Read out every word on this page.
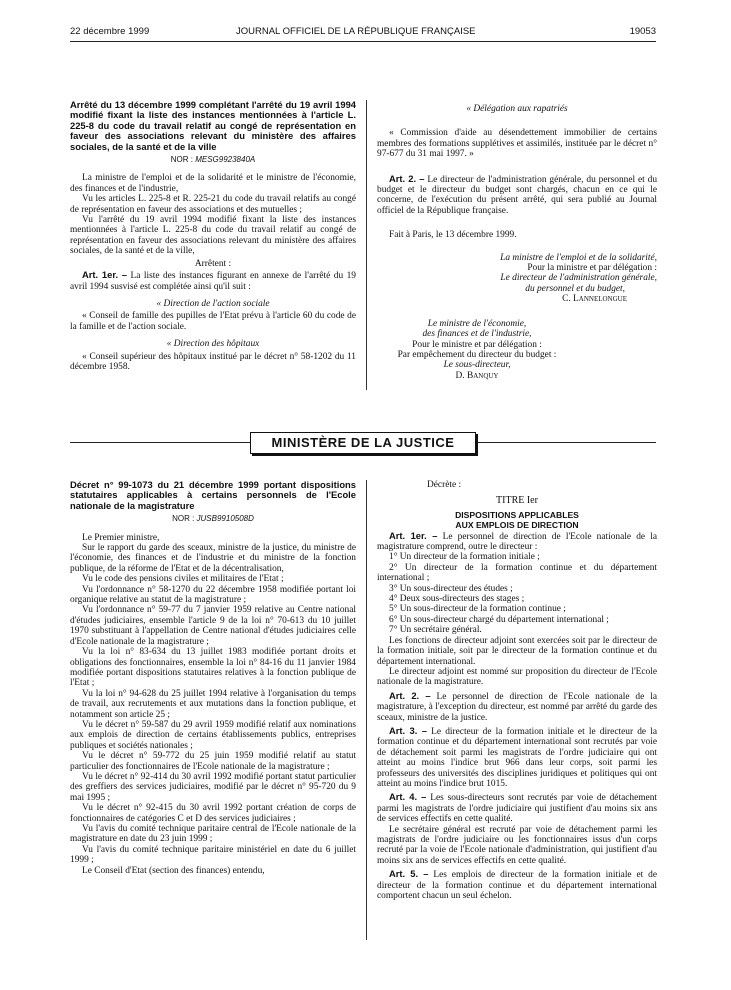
22 décembre 1999	JOURNAL OFFICIEL DE LA RÉPUBLIQUE FRANÇAISE	19053

Arrêté du 13 décembre 1999 complétant l'arrêté du 19 avril 1994 modifié fixant la liste des instances mentionnées à l'article L. 225-8 du code du travail relatif au congé de représentation en faveur des associations relevant du ministère des affaires sociales, de la santé et de la ville

NOR : MESG9923840A

La ministre de l'emploi et de la solidarité et le ministre de l'économie, des finances et de l'industrie,

Vu les articles L. 225-8 et R. 225-21 du code du travail relatifs au congé de représentation en faveur des associations et des mutuelles ;

Vu l'arrêté du 19 avril 1994 modifié fixant la liste des instances mentionnées à l'article L. 225-8 du code du travail relatif au congé de représentation en faveur des associations relevant du ministère des affaires sociales, de la santé et de la ville,

Arrêtent :

Art. 1er. – La liste des instances figurant en annexe de l'arrêté du 19 avril 1994 susvisé est complétée ainsi qu'il suit :

« Direction de l'action sociale

« Conseil de famille des pupilles de l'Etat prévu à l'article 60 du code de la famille et de l'action sociale.

« Direction des hôpitaux

« Conseil supérieur des hôpitaux institué par le décret n° 58-1202 du 11 décembre 1958.

« Délégation aux rapatriés

« Commission d'aide au désendettement immobilier de certains membres des formations supplétives et assimilés, instituée par le décret n° 97-677 du 31 mai 1997. »

Art. 2. – Le directeur de l'administration générale, du personnel et du budget et le directeur du budget sont chargés, chacun en ce qui le concerne, de l'exécution du présent arrêté, qui sera publié au Journal officiel de la République française.

Fait à Paris, le 13 décembre 1999.

La ministre de l'emploi et de la solidarité,

Pour la ministre et par délégation :

Le directeur de l'administration générale,

du personnel et du budget,

C. Lannelongue

Le ministre de l'économie,

des finances et de l'industrie,

Pour le ministre et par délégation :

Par empêchement du directeur du budget :

Le sous-directeur,

D. Banquy

MINISTÈRE DE LA JUSTICE

Décret n° 99-1073 du 21 décembre 1999 portant dispositions statutaires applicables à certains personnels de l'Ecole nationale de la magistrature

NOR : JUSB9910508D

Le Premier ministre,

Sur le rapport du garde des sceaux, ministre de la justice, du ministre de l'économie, des finances et de l'industrie et du ministre de la fonction publique, de la réforme de l'Etat et de la décentralisation,

Vu le code des pensions civiles et militaires de l'Etat ;

Vu l'ordonnance n° 58-1270 du 22 décembre 1958 modifiée portant loi organique relative au statut de la magistrature ;

Vu l'ordonnance n° 59-77 du 7 janvier 1959 relative au Centre national d'études judiciaires, ensemble l'article 9 de la loi n° 70-613 du 10 juillet 1970 substituant à l'appellation de Centre national d'études judiciaires celle d'Ecole nationale de la magistrature ;

Vu la loi n° 83-634 du 13 juillet 1983 modifiée portant droits et obligations des fonctionnaires, ensemble la loi n° 84-16 du 11 janvier 1984 modifiée portant dispositions statutaires relatives à la fonction publique de l'Etat ;

Vu la loi n° 94-628 du 25 juillet 1994 relative à l'organisation du temps de travail, aux recrutements et aux mutations dans la fonction publique, et notamment son article 25 ;

Vu le décret n° 59-587 du 29 avril 1959 modifié relatif aux nominations aux emplois de direction de certains établissements publics, entreprises publiques et sociétés nationales ;

Vu le décret n° 59-772 du 25 juin 1959 modifié relatif au statut particulier des fonctionnaires de l'Ecole nationale de la magistrature ;

Vu le décret n° 92-414 du 30 avril 1992 modifié portant statut particulier des greffiers des services judiciaires, modifié par le décret n° 95-720 du 9 mai 1995 ;

Vu le décret n° 92-415 du 30 avril 1992 portant création de corps de fonctionnaires de catégories C et D des services judiciaires ;

Vu l'avis du comité technique paritaire central de l'Ecole nationale de la magistrature en date du 23 juin 1999 ;

Vu l'avis du comité technique paritaire ministériel en date du 6 juillet 1999 ;

Le Conseil d'Etat (section des finances) entendu,

Décrète :

TITRE Ier

DISPOSITIONS APPLICABLES

AUX EMPLOIS DE DIRECTION

Art. 1er. – Le personnel de direction de l'Ecole nationale de la magistrature comprend, outre le directeur :

1° Un directeur de la formation initiale ;

2° Un directeur de la formation continue et du département international ;

3° Un sous-directeur des études ;

4° Deux sous-directeurs des stages ;

5° Un sous-directeur de la formation continue ;

6° Un sous-directeur chargé du département international ;

7° Un secrétaire général.

Les fonctions de directeur adjoint sont exercées soit par le directeur de la formation initiale, soit par le directeur de la formation continue et du département international.

Le directeur adjoint est nommé sur proposition du directeur de l'Ecole nationale de la magistrature.

Art. 2. – Le personnel de direction de l'Ecole nationale de la magistrature, à l'exception du directeur, est nommé par arrêté du garde des sceaux, ministre de la justice.

Art. 3. – Le directeur de la formation initiale et le directeur de la formation continue et du département international sont recrutés par voie de détachement soit parmi les magistrats de l'ordre judiciaire qui ont atteint au moins l'indice brut 966 dans leur corps, soit parmi les professeurs des universités des disciplines juridiques et politiques qui ont atteint au moins l'indice brut 1015.

Art. 4. – Les sous-directeurs sont recrutés par voie de détachement parmi les magistrats de l'ordre judiciaire qui justifient d'au moins six ans de services effectifs en cette qualité.

Le secrétaire général est recruté par voie de détachement parmi les magistrats de l'ordre judiciaire ou les fonctionnaires issus d'un corps recruté par la voie de l'Ecole nationale d'administration, qui justifient d'au moins six ans de services effectifs en cette qualité.

Art. 5. – Les emplois de directeur de la formation initiale et de directeur de la formation continue et du département international comportent chacun un seul échelon.
